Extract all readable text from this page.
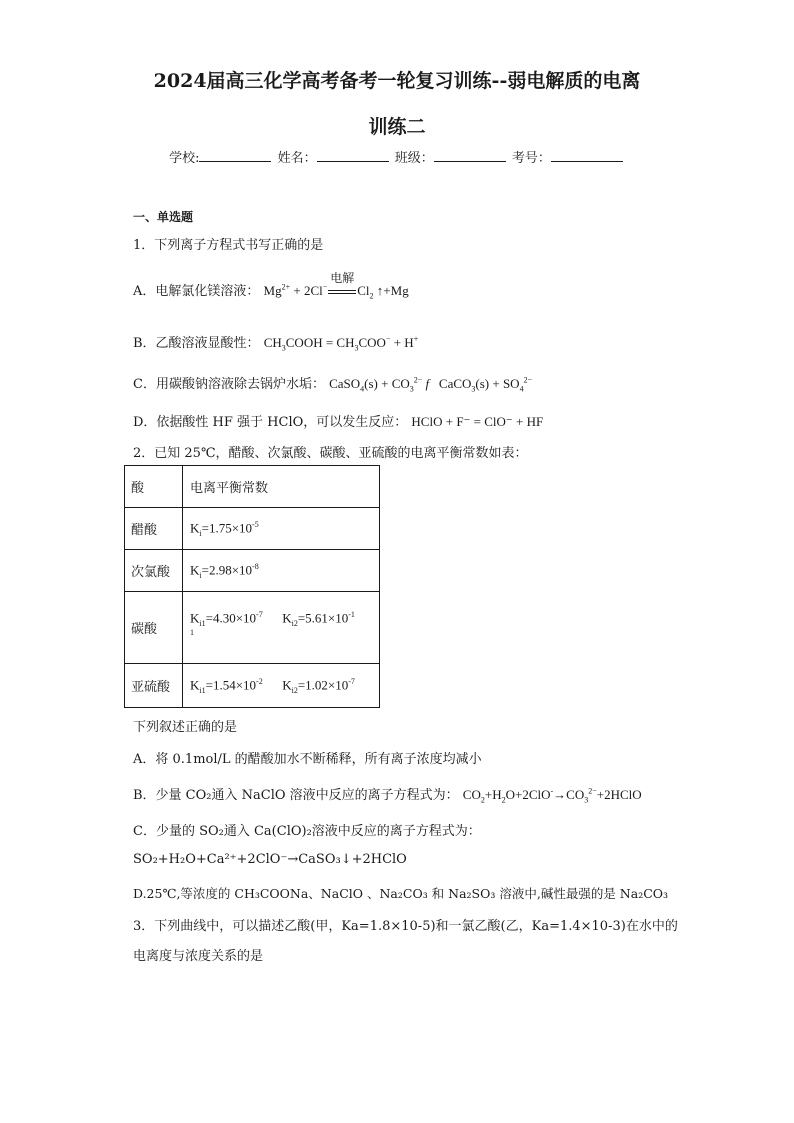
2024届高三化学高考备考一轮复习训练--弱电解质的电离
训练二
学校:	姓名：	班级：	考号：
一、单选题
1．下列离子方程式书写正确的是
A．电解氯化镁溶液： $Mg^{2+} + 2Cl^-$
电解
$Cl_2$ ↑+Mg
B．乙酸溶液显酸性： $CH_3COOH = CH_3COO^- + H^+$
C．用碳酸钠溶液除去锅炉水垢： CaSO$_4$(s) + $CO_3^{2-}$ f   CaCO$_3$(s) + $SO_4^{2-}$
D．依据酸性 HF 强于 HClO，可以发生反应： HClO + F⁻ = ClO⁻ + HF
2．已知 25℃，醋酸、次氯酸、碳酸、亚硫酸的电离平衡常数如表：
酸	电离平衡常数
醋酸	$K_i=1.75\times 10^{-5}$
次氯酸	$K_i=2.98\times 10^{-8}$
碳酸	$K_{i1}=4.30\times 10^{-7}$      $K_{i2}=5.61\times 10^{-1}$
$^1$
亚硫酸	$K_{i1}=1.54\times 10^{-2}$      $K_{i2}=1.02\times 10^{-7}$
下列叙述正确的是
A．将 0.1mol/L 的醋酸加水不断稀释，所有离子浓度均减小
B．少量 CO₂通入 NaClO 溶液中反应的离子方程式为： $CO_2+H_2O+2ClO^-\to CO_3^{2-}+2HClO$
C．少量的 SO₂通入 Ca(ClO)₂溶液中反应的离子方程式为：
SO₂+H₂O+Ca²⁺+2ClO⁻→CaSO₃↓+2HClO
D.25℃,等浓度的 CH₃COONa、NaClO 、Na₂CO₃ 和 Na₂SO₃ 溶液中,碱性最强的是 Na₂CO₃
3．下列曲线中，可以描述乙酸(甲，Ka=1.8×10-5)和一氯乙酸(乙，Ka=1.4×10-3)在水中的
电离度与浓度关系的是
